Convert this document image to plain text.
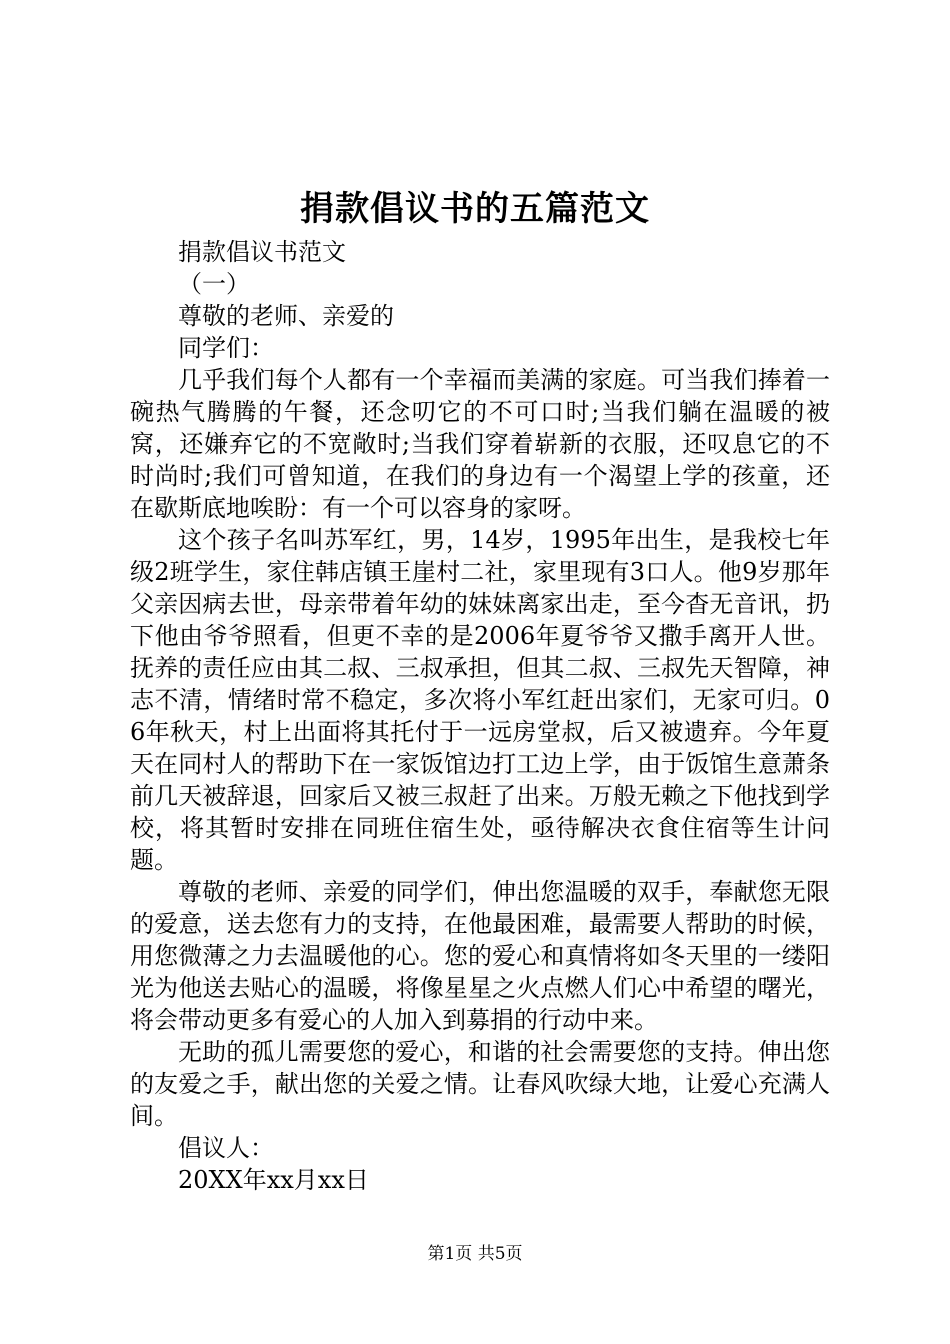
捐款倡议书的五篇范文

捐款倡议书范文

（一）

尊敬的老师、亲爱的

同学们：

几乎我们每个人都有一个幸福而美满的家庭。可当我们捧着一碗热气腾腾的午餐，还念叨它的不可口时;当我们躺在温暖的被窝，还嫌弃它的不宽敞时;当我们穿着崭新的衣服，还叹息它的不时尚时;我们可曾知道，在我们的身边有一个渴望上学的孩童，还在歇斯底地唉盼：有一个可以容身的家呀。

这个孩子名叫苏军红，男，14岁，1995年出生，是我校七年级2班学生，家住韩店镇王崖村二社，家里现有3口人。他9岁那年父亲因病去世，母亲带着年幼的妹妹离家出走，至今杳无音讯，扔下他由爷爷照看，但更不幸的是2006年夏爷爷又撒手离开人世。抚养的责任应由其二叔、三叔承担，但其二叔、三叔先天智障，神志不清，情绪时常不稳定，多次将小军红赶出家们，无家可归。06年秋天，村上出面将其托付于一远房堂叔，后又被遗弃。今年夏天在同村人的帮助下在一家饭馆边打工边上学，由于饭馆生意萧条前几天被辞退，回家后又被三叔赶了出来。万般无赖之下他找到学校，将其暂时安排在同班住宿生处，亟待解决衣食住宿等生计问题。

尊敬的老师、亲爱的同学们，伸出您温暖的双手，奉献您无限的爱意，送去您有力的支持，在他最困难，最需要人帮助的时候，用您微薄之力去温暖他的心。您的爱心和真情将如冬天里的一缕阳光为他送去贴心的温暖，将像星星之火点燃人们心中希望的曙光，将会带动更多有爱心的人加入到募捐的行动中来。

无助的孤儿需要您的爱心，和谐的社会需要您的支持。伸出您的友爱之手，献出您的关爱之情。让春风吹绿大地，让爱心充满人间。

倡议人：

20XX年xx月xx日

第1页 共5页
